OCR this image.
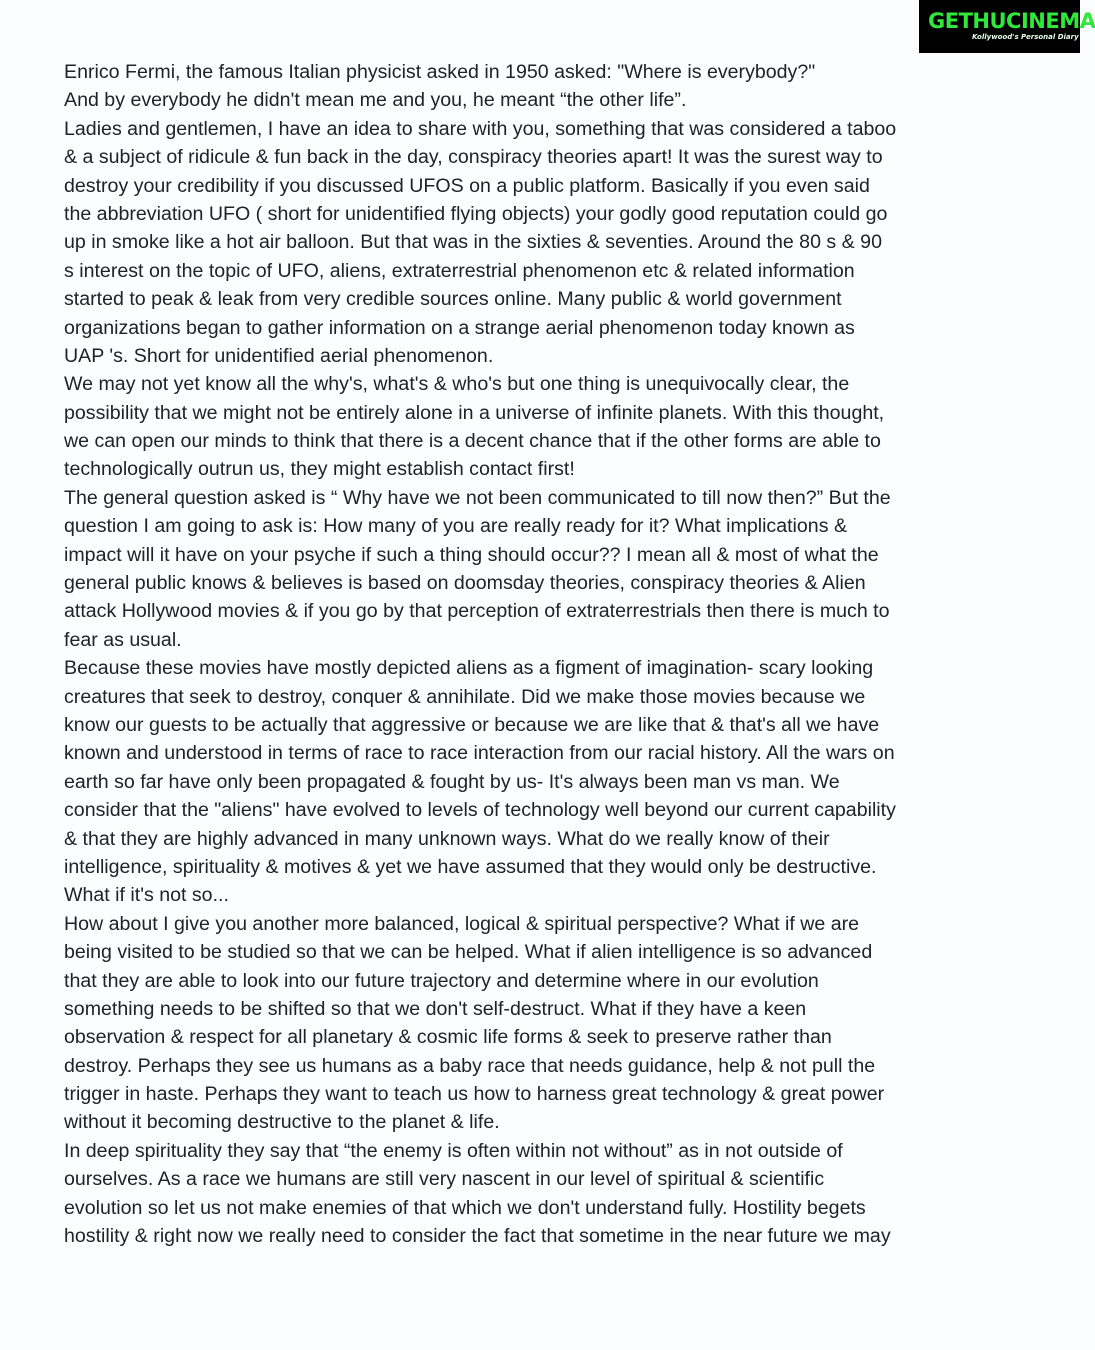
GETHUCINEMA
Kollywood's Personal Diary
Enrico Fermi, the famous Italian physicist asked in 1950 asked: "Where is everybody?"
And by everybody he didn't mean me and you, he meant “the other life”.
Ladies and gentlemen, I have an idea to share with you, something that was considered a taboo
& a subject of ridicule & fun back in the day, conspiracy theories apart! It was the surest way to
destroy your credibility if you discussed UFOS on a public platform. Basically if you even said
the abbreviation UFO ( short for unidentified flying objects) your godly good reputation could go
up in smoke like a hot air balloon. But that was in the sixties & seventies. Around the 80 s & 90
s interest on the topic of UFO, aliens, extraterrestrial phenomenon etc & related information
started to peak & leak from very credible sources online. Many public & world government
organizations began to gather information on a strange aerial phenomenon today known as
UAP 's. Short for unidentified aerial phenomenon.
We may not yet know all the why's, what's & who's but one thing is unequivocally clear, the
possibility that we might not be entirely alone in a universe of infinite planets. With this thought,
we can open our minds to think that there is a decent chance that if the other forms are able to
technologically outrun us, they might establish contact first!
The general question asked is “ Why have we not been communicated to till now then?” But the
question I am going to ask is: How many of you are really ready for it? What implications &
impact will it have on your psyche if such a thing should occur?? I mean all & most of what the
general public knows & believes is based on doomsday theories, conspiracy theories & Alien
attack Hollywood movies & if you go by that perception of extraterrestrials then there is much to
fear as usual.
Because these movies have mostly depicted aliens as a figment of imagination- scary looking
creatures that seek to destroy, conquer & annihilate. Did we make those movies because we
know our guests to be actually that aggressive or because we are like that & that's all we have
known and understood in terms of race to race interaction from our racial history. All the wars on
earth so far have only been propagated & fought by us- It's always been man vs man. We
consider that the "aliens" have evolved to levels of technology well beyond our current capability
& that they are highly advanced in many unknown ways. What do we really know of their
intelligence, spirituality & motives & yet we have assumed that they would only be destructive.
What if it's not so...
How about I give you another more balanced, logical & spiritual perspective? What if we are
being visited to be studied so that we can be helped. What if alien intelligence is so advanced
that they are able to look into our future trajectory and determine where in our evolution
something needs to be shifted so that we don't self-destruct. What if they have a keen
observation & respect for all planetary & cosmic life forms & seek to preserve rather than
destroy. Perhaps they see us humans as a baby race that needs guidance, help & not pull the
trigger in haste. Perhaps they want to teach us how to harness great technology & great power
without it becoming destructive to the planet & life.
In deep spirituality they say that “the enemy is often within not without” as in not outside of
ourselves. As a race we humans are still very nascent in our level of spiritual & scientific
evolution so let us not make enemies of that which we don't understand fully. Hostility begets
hostility & right now we really need to consider the fact that sometime in the near future we may
